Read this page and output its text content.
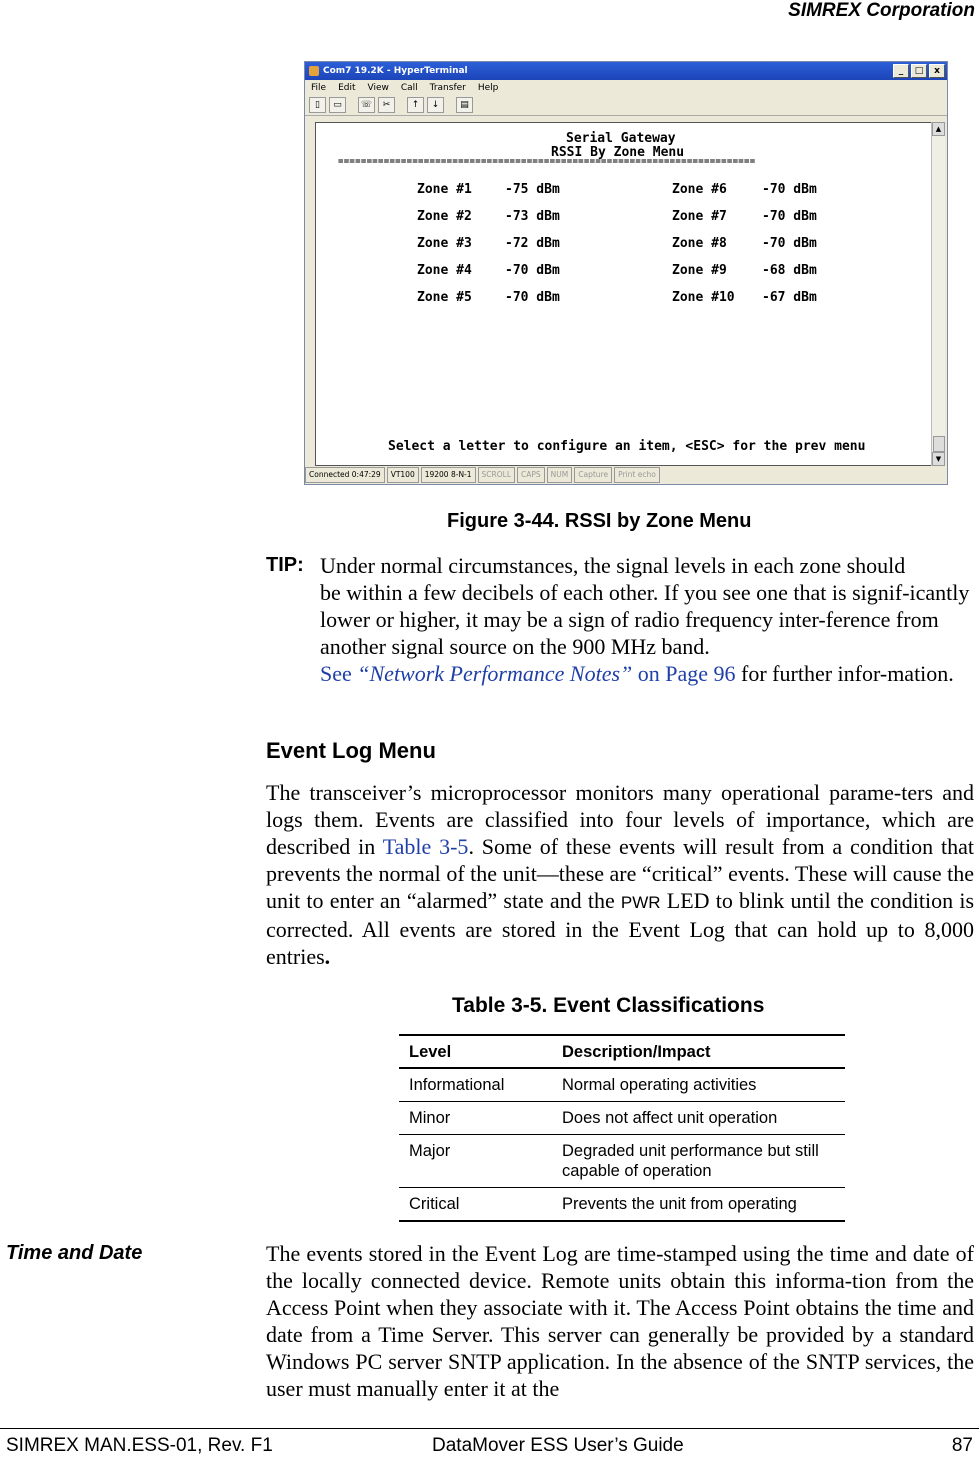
SIMREX Corporation
Com7 19.2K - HyperTerminal	_	□	x
File Edit View Call Transfer Help
▯	▭	☏	✂	↑	↓	▤
Serial Gateway
RSSI By Zone Menu
=========================================================================
Zone #1	-75 dBm
Zone #2	-73 dBm
Zone #3	-72 dBm
Zone #4	-70 dBm
Zone #5	-70 dBm
Zone #6	-70 dBm
Zone #7	-70 dBm
Zone #8	-70 dBm
Zone #9	-68 dBm
Zone #10 -67 dBm
Select a letter to configure an item, <ESC> for the prev menu
▲
▼
Connected 0:47:29	VT100	19200 8-N-1	SCROLL	CAPS	NUM	Capture	Print echo
Figure 3-44. RSSI by Zone Menu
TIP: Under normal circumstances, the signal levels in each zone should
be within a few decibels of each other. If you see one that is signif-icantly lower or higher, it may be a sign of radio frequency inter-ference from another signal source on the 900 MHz band.
See “Network Performance Notes” on Page 96 for further infor-mation.
Event Log Menu
The transceiver’s microprocessor monitors many operational parame-ters and logs them. Events are classified into four levels of importance, which are described in Table 3-5. Some of these events will result from a condition that prevents the normal of the unit—these are “critical” events. These will cause the unit to enter an “alarmed” state and the PWR LED to blink until the condition is corrected. All events are stored in the Event Log that can hold up to 8,000 entries.
Table 3-5. Event Classifications
Level	Description/Impact
Informational	Normal operating activities
Minor	Does not affect unit operation
Major	Degraded unit performance but still capable of operation
Critical	Prevents the unit from operating
Time and Date	The events stored in the Event Log are time-stamped using the time and date of the locally connected device. Remote units obtain this informa-tion from the Access Point when they associate with it. The Access Point obtains the time and date from a Time Server. This server can generally be provided by a standard Windows PC server SNTP application. In the absence of the SNTP services, the user must manually enter it at the
SIMREX MAN.ESS-01, Rev. F1	DataMover ESS User’s Guide	87
